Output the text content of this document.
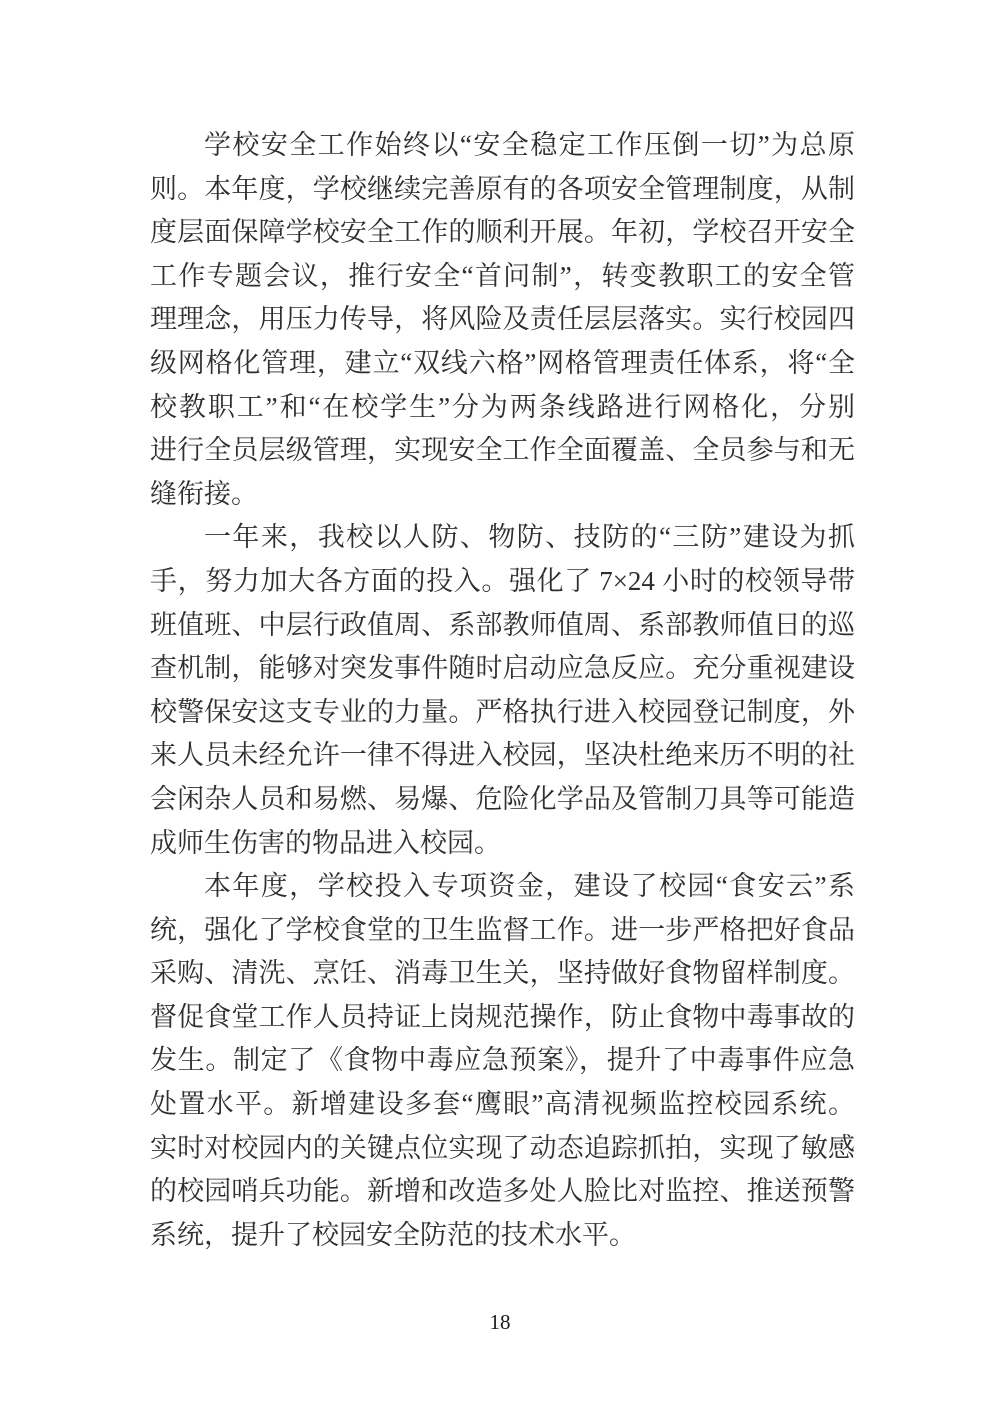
学校安全工作始终以“安全稳定工作压倒一切”为总原
则。本年度，学校继续完善原有的各项安全管理制度，从制
度层面保障学校安全工作的顺利开展。年初，学校召开安全
工作专题会议，推行安全“首问制”，转变教职工的安全管
理理念，用压力传导，将风险及责任层层落实。实行校园四
级网格化管理，建立“双线六格”网格管理责任体系，将“全
校教职工”和“在校学生”分为两条线路进行网格化，分别
进行全员层级管理，实现安全工作全面覆盖、全员参与和无
缝衔接。
一年来，我校以人防、物防、技防的“三防”建设为抓
手，努力加大各方面的投入。强化了 7×24 小时的校领导带
班值班、中层行政值周、系部教师值周、系部教师值日的巡
查机制，能够对突发事件随时启动应急反应。充分重视建设
校警保安这支专业的力量。严格执行进入校园登记制度，外
来人员未经允许一律不得进入校园，坚决杜绝来历不明的社
会闲杂人员和易燃、易爆、危险化学品及管制刀具等可能造
成师生伤害的物品进入校园。
本年度，学校投入专项资金，建设了校园“食安云”系
统，强化了学校食堂的卫生监督工作。进一步严格把好食品
采购、清洗、烹饪、消毒卫生关，坚持做好食物留样制度。
督促食堂工作人员持证上岗规范操作，防止食物中毒事故的
发生。制定了《食物中毒应急预案》，提升了中毒事件应急
处置水平。新增建设多套“鹰眼”高清视频监控校园系统。
实时对校园内的关键点位实现了动态追踪抓拍，实现了敏感
的校园哨兵功能。新增和改造多处人脸比对监控、推送预警
系统，提升了校园安全防范的技术水平。
18
